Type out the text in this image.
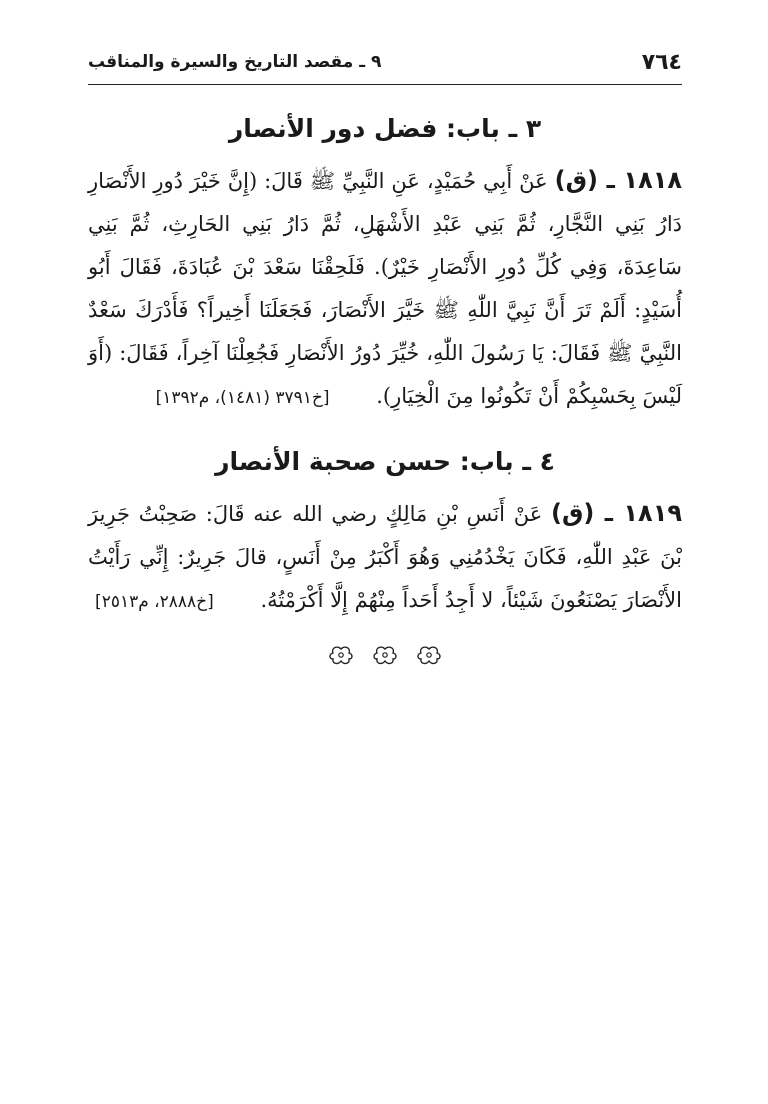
٧٦٤
٩ ـ مقصد التاريخ والسيرة والمناقب
٣ ـ باب: فضل دور الأنصار

١٨١٨ ـ (ق) عَنْ أَبِي حُمَيْدٍ، عَنِ النَّبِيِّ ﷺ قَالَ: (إِنَّ خَيْرَ دُورِ الأَنْصَارِ دَارُ بَنِي النَّجَّارِ، ثُمَّ بَنِي عَبْدِ الأَشْهَلِ، ثُمَّ دَارُ بَنِي الحَارِثِ، ثُمَّ بَنِي سَاعِدَةَ، وَفِي كُلِّ دُورِ الأَنْصَارِ خَيْرٌ). فَلَحِقْنَا سَعْدَ بْنَ عُبَادَةَ، فَقَالَ أَبُو أُسَيْدٍ: أَلَمْ تَرَ أَنَّ نَبِيَّ اللّٰهِ ﷺ خَيَّرَ الأَنْصَارَ، فَجَعَلَنَا أَخِيراً؟ فَأَدْرَكَ سَعْدٌ النَّبِيَّ ﷺ فَقَالَ: يَا رَسُولَ اللّٰهِ، خُيِّرَ دُورُ الأَنْصَارِ فَجُعِلْنَا آخِراً، فَقَالَ: (أَوَ لَيْسَ بِحَسْبِكُمْ أَنْ تَكُونُوا مِنَ الْخِيَارِ). [خ٣٧٩١ (١٤٨١)، م١٣٩٢]

٤ ـ باب: حسن صحبة الأنصار

١٨١٩ ـ (ق) عَنْ أَنَسِ بْنِ مَالِكٍ رضي الله عنه قَالَ: صَحِبْتُ جَرِيرَ بْنَ عَبْدِ اللّٰهِ، فَكَانَ يَخْدُمُنِي وَهُوَ أَكْبَرُ مِنْ أَنَسٍ، قالَ جَرِيرٌ: إِنِّي رَأَيْتُ الأَنْصَارَ يَصْنَعُونَ شَيْئاً، لا أَجِدُ أَحَداً مِنْهُمْ إِلَّا أَكْرَمْتُهُ. [خ٢٨٨٨، م٢٥١٣]
